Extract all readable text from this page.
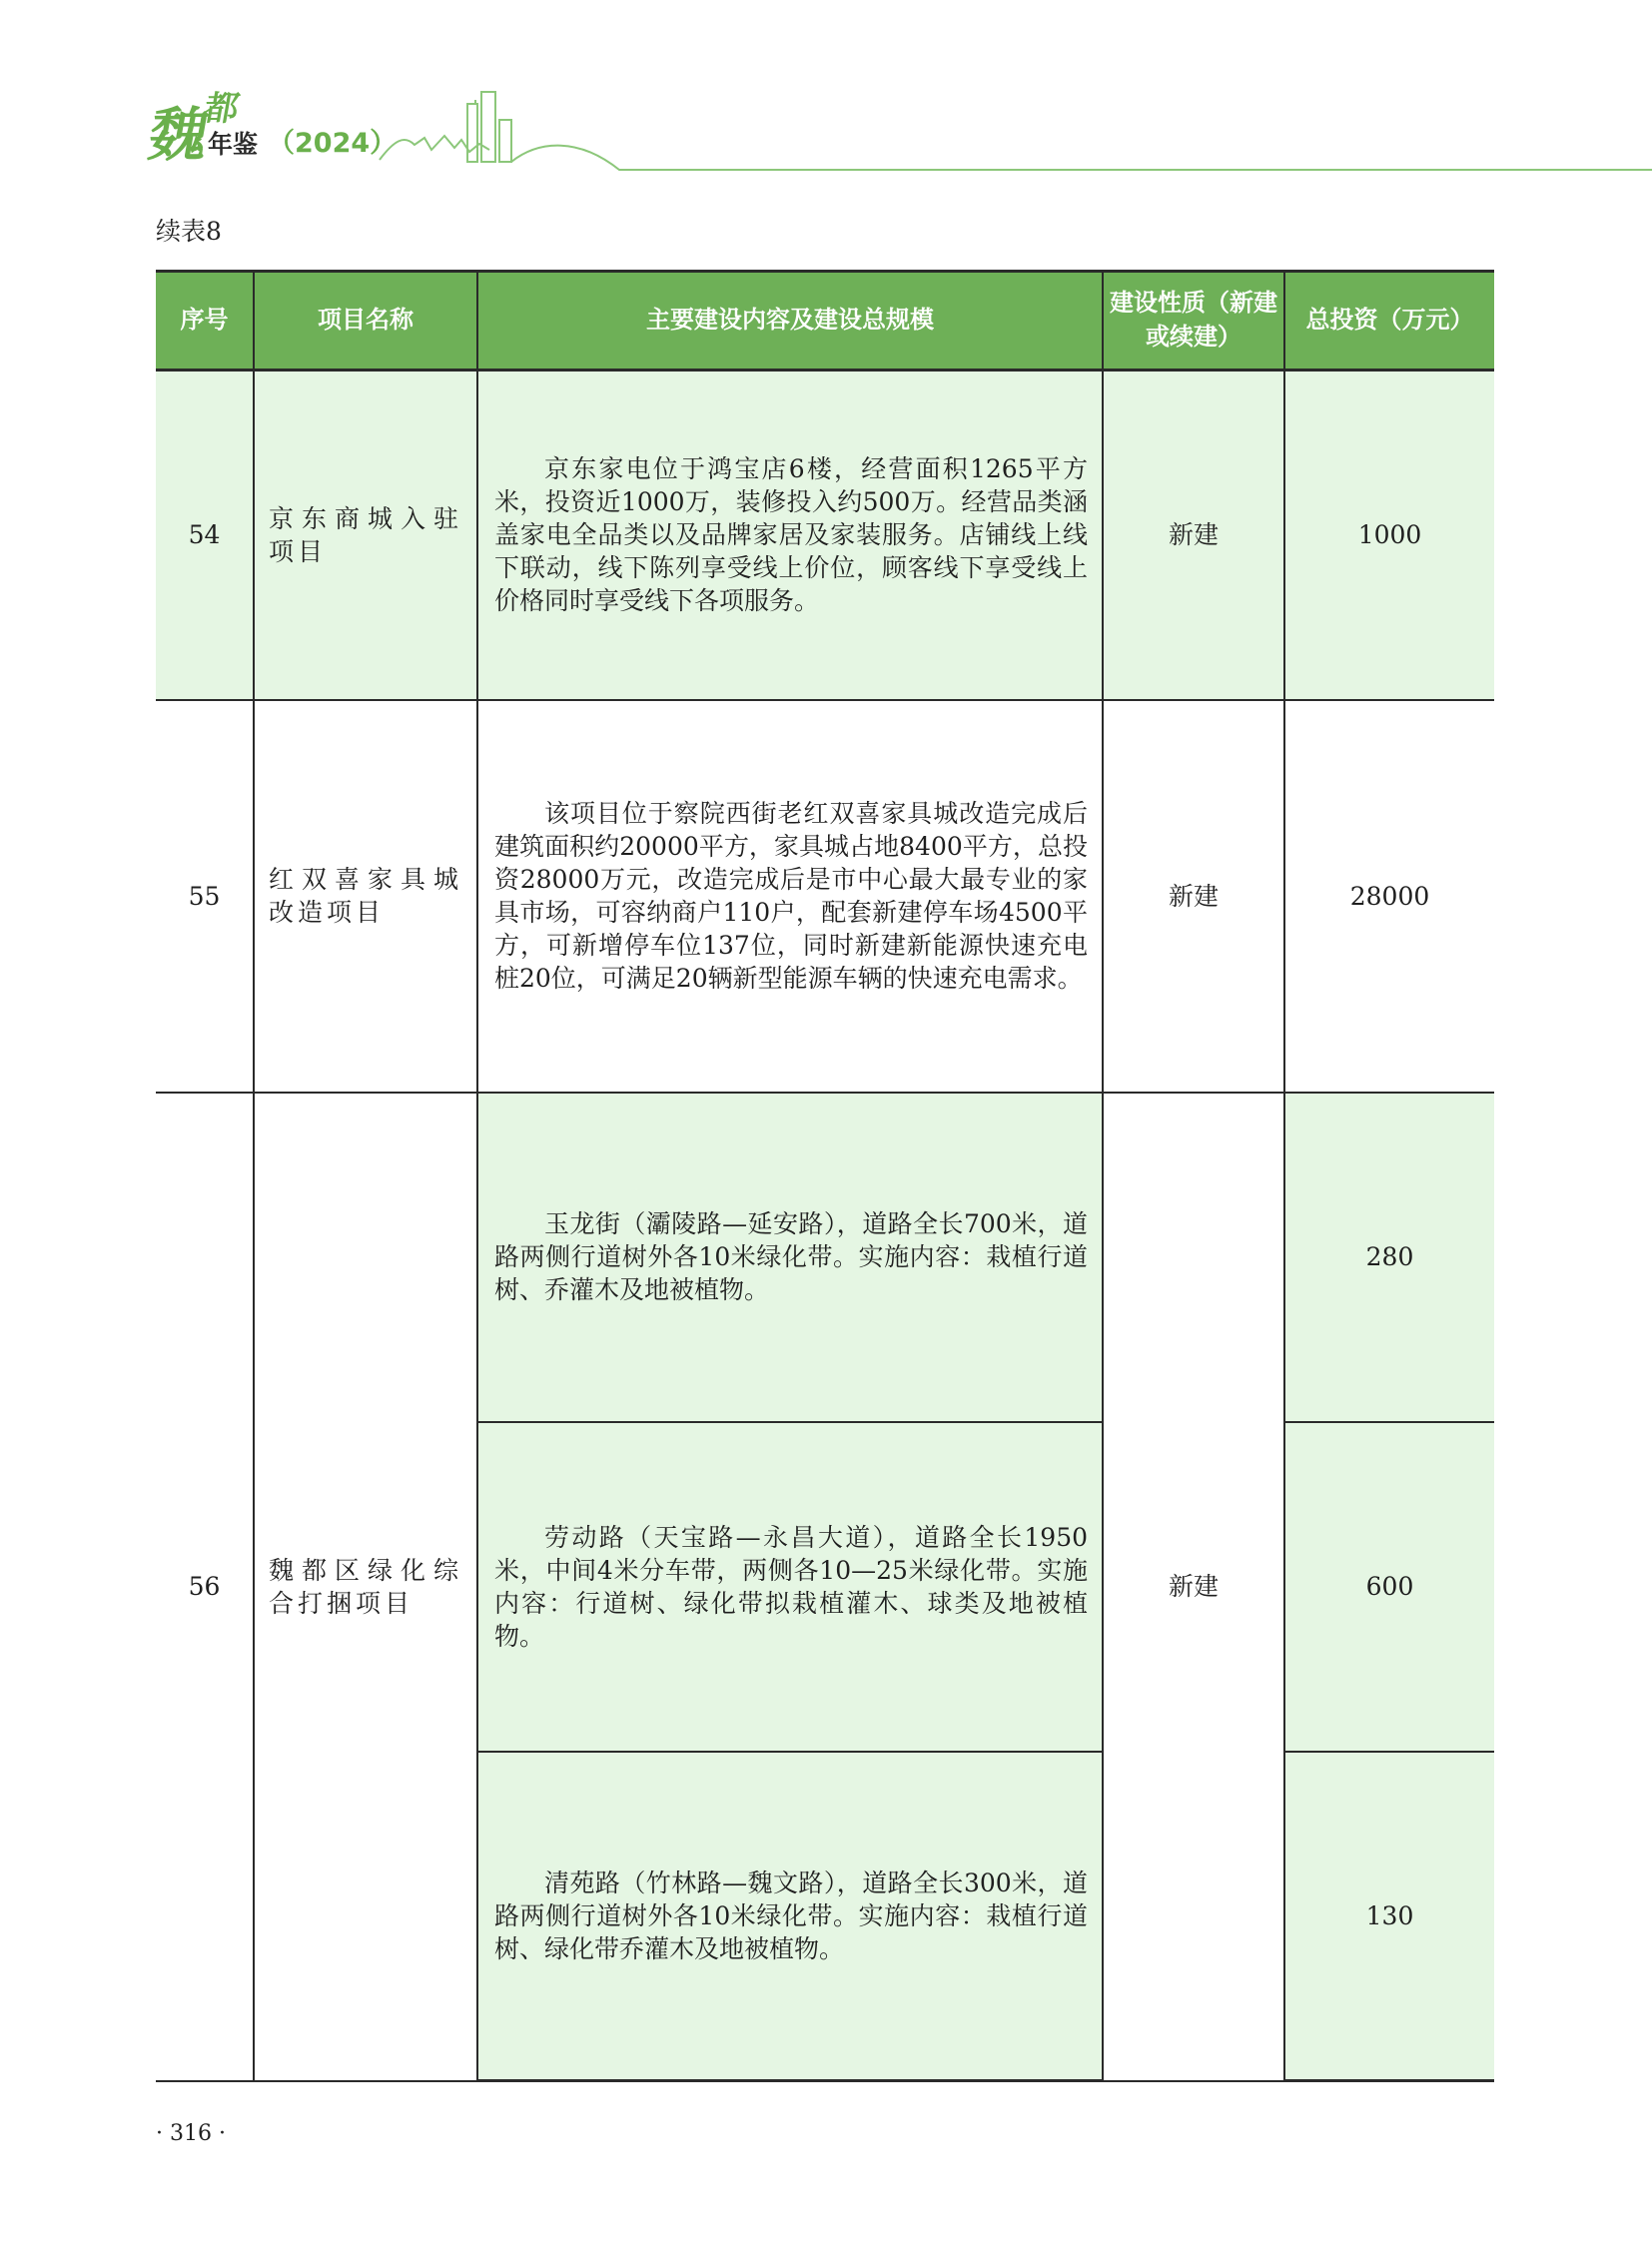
魏
都
年鉴 （2024）
续表8
序号	项目名称	主要建设内容及建设总规模	建设性质（新建或续建）	总投资（万元）
54	京东商城入驻项目	京东家电位于鸿宝店6楼，经营面积1265平方米，投资近1000万，装修投入约500万。经营品类涵盖家电全品类以及品牌家居及家装服务。店铺线上线下联动，线下陈列享受线上价位，顾客线下享受线上价格同时享受线下各项服务。	新建	1000
55	红双喜家具城改造项目	该项目位于察院西街老红双喜家具城改造完成后建筑面积约20000平方，家具城占地8400平方，总投资28000万元，改造完成后是市中心最大最专业的家具市场，可容纳商户110户，配套新建停车场4500平方，可新增停车位137位，同时新建新能源快速充电桩20位，可满足20辆新型能源车辆的快速充电需求。	新建	28000
56	魏都区绿化综合打捆项目	玉龙街（灞陵路—延安路），道路全长700米，道路两侧行道树外各10米绿化带。实施内容：栽植行道树、乔灌木及地被植物。	新建	280

		劳动路（天宝路—永昌大道），道路全长1950米，中间4米分车带，两侧各10—25米绿化带。实施内容：行道树、绿化带拟栽植灌木、球类及地被植物。		600

		清苑路（竹林路—魏文路），道路全长300米，道路两侧行道树外各10米绿化带。实施内容：栽植行道树、绿化带乔灌木及地被植物。		130
· 316 ·
